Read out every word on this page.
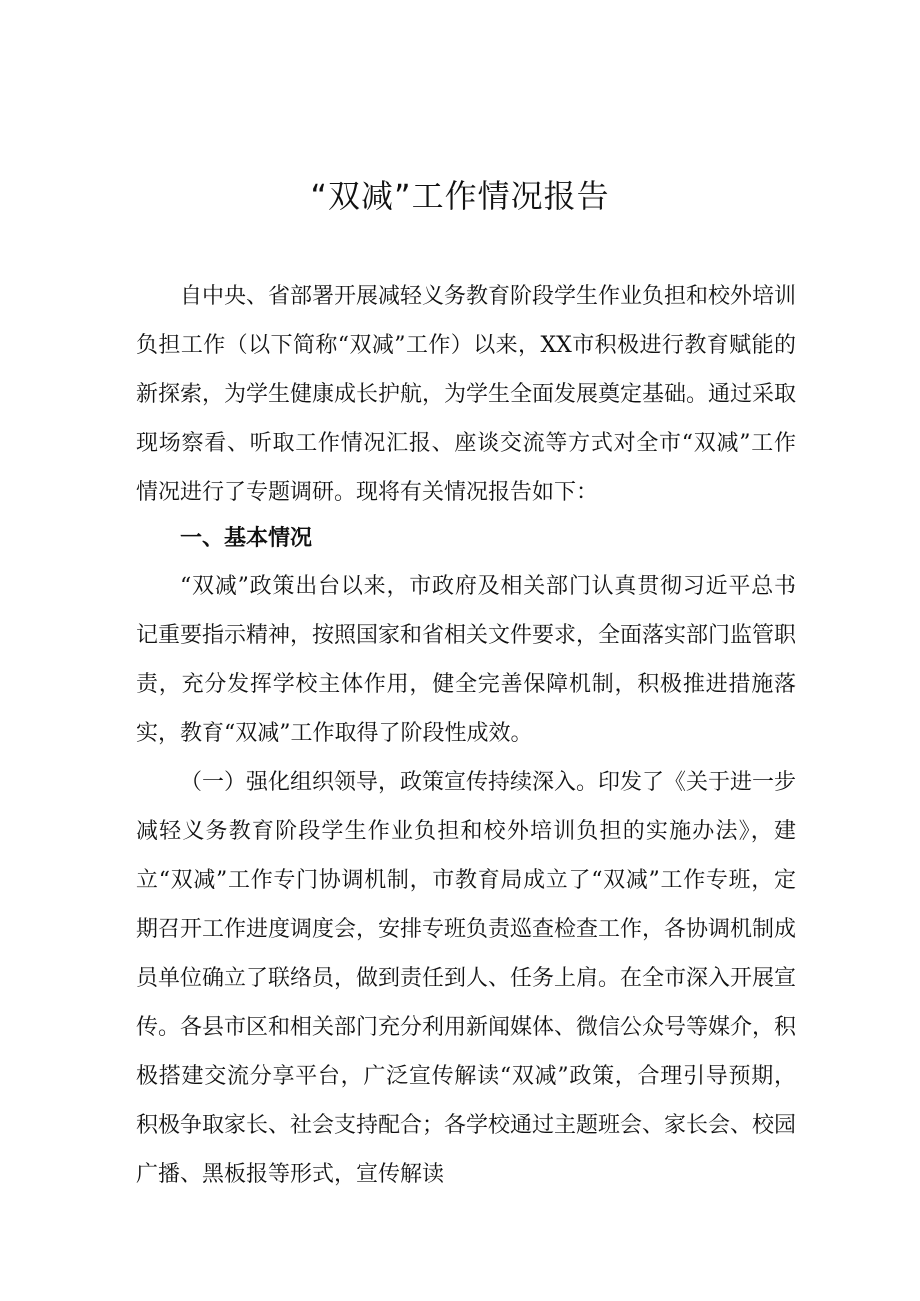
“双减”工作情况报告

自中央、省部署开展减轻义务教育阶段学生作业负担和校外培训负担工作（以下简称“双减”工作）以来，XX市积极进行教育赋能的新探索，为学生健康成长护航，为学生全面发展奠定基础。通过采取现场察看、听取工作情况汇报、座谈交流等方式对全市“双减”工作情况进行了专题调研。现将有关情况报告如下：

一、基本情况

“双减”政策出台以来，市政府及相关部门认真贯彻习近平总书记重要指示精神，按照国家和省相关文件要求，全面落实部门监管职责，充分发挥学校主体作用，健全完善保障机制，积极推进措施落实，教育“双减”工作取得了阶段性成效。

（一）强化组织领导，政策宣传持续深入。印发了《关于进一步减轻义务教育阶段学生作业负担和校外培训负担的实施办法》，建立“双减”工作专门协调机制，市教育局成立了“双减”工作专班，定期召开工作进度调度会，安排专班负责巡查检查工作，各协调机制成员单位确立了联络员，做到责任到人、任务上肩。在全市深入开展宣传。各县市区和相关部门充分利用新闻媒体、微信公众号等媒介，积极搭建交流分享平台，广泛宣传解读“双减”政策，合理引导预期，积极争取家长、社会支持配合；各学校通过主题班会、家长会、校园广播、黑板报等形式，宣传解读
